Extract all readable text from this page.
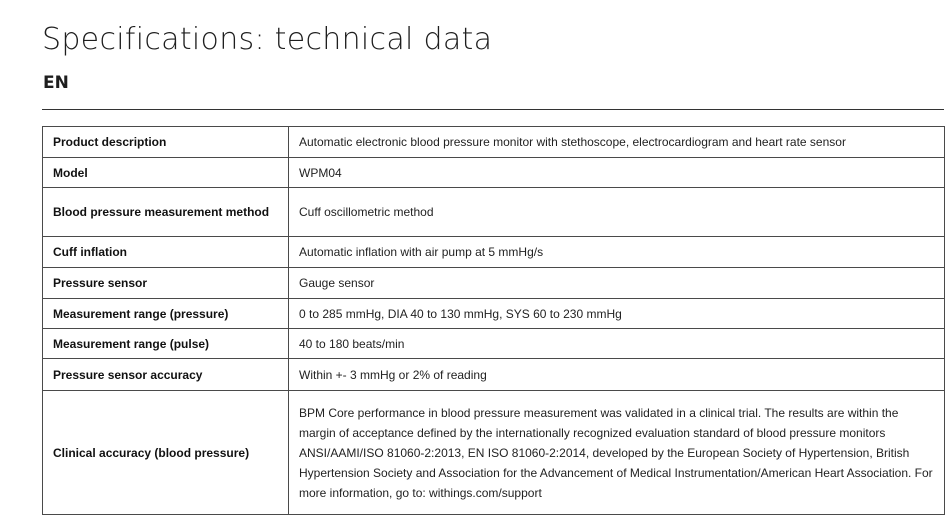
Specifications: technical data
EN
Product description	Automatic electronic blood pressure monitor with stethoscope, electrocardiogram and heart rate sensor
Model	WPM04
Blood pressure measurement method	Cuff oscillometric method
Cuff inflation	Automatic inflation with air pump at 5 mmHg/s
Pressure sensor	Gauge sensor
Measurement range (pressure)	0 to 285 mmHg, DIA 40 to 130 mmHg, SYS 60 to 230 mmHg
Measurement range (pulse)	40 to 180 beats/min
Pressure sensor accuracy	Within +- 3 mmHg or 2% of reading
Clinical accuracy (blood pressure)	BPM Core performance in blood pressure measurement was validated in a clinical trial. The results are within the margin of acceptance defined by the internationally recognized evaluation standard of blood pressure monitors ANSI/AAMI/ISO 81060-2:2013, EN ISO 81060-2:2014, developed by the European Society of Hypertension, British Hypertension Society and Association for the Advancement of Medical Instrumentation/American Heart Association. For more information, go to: withings.com/support
